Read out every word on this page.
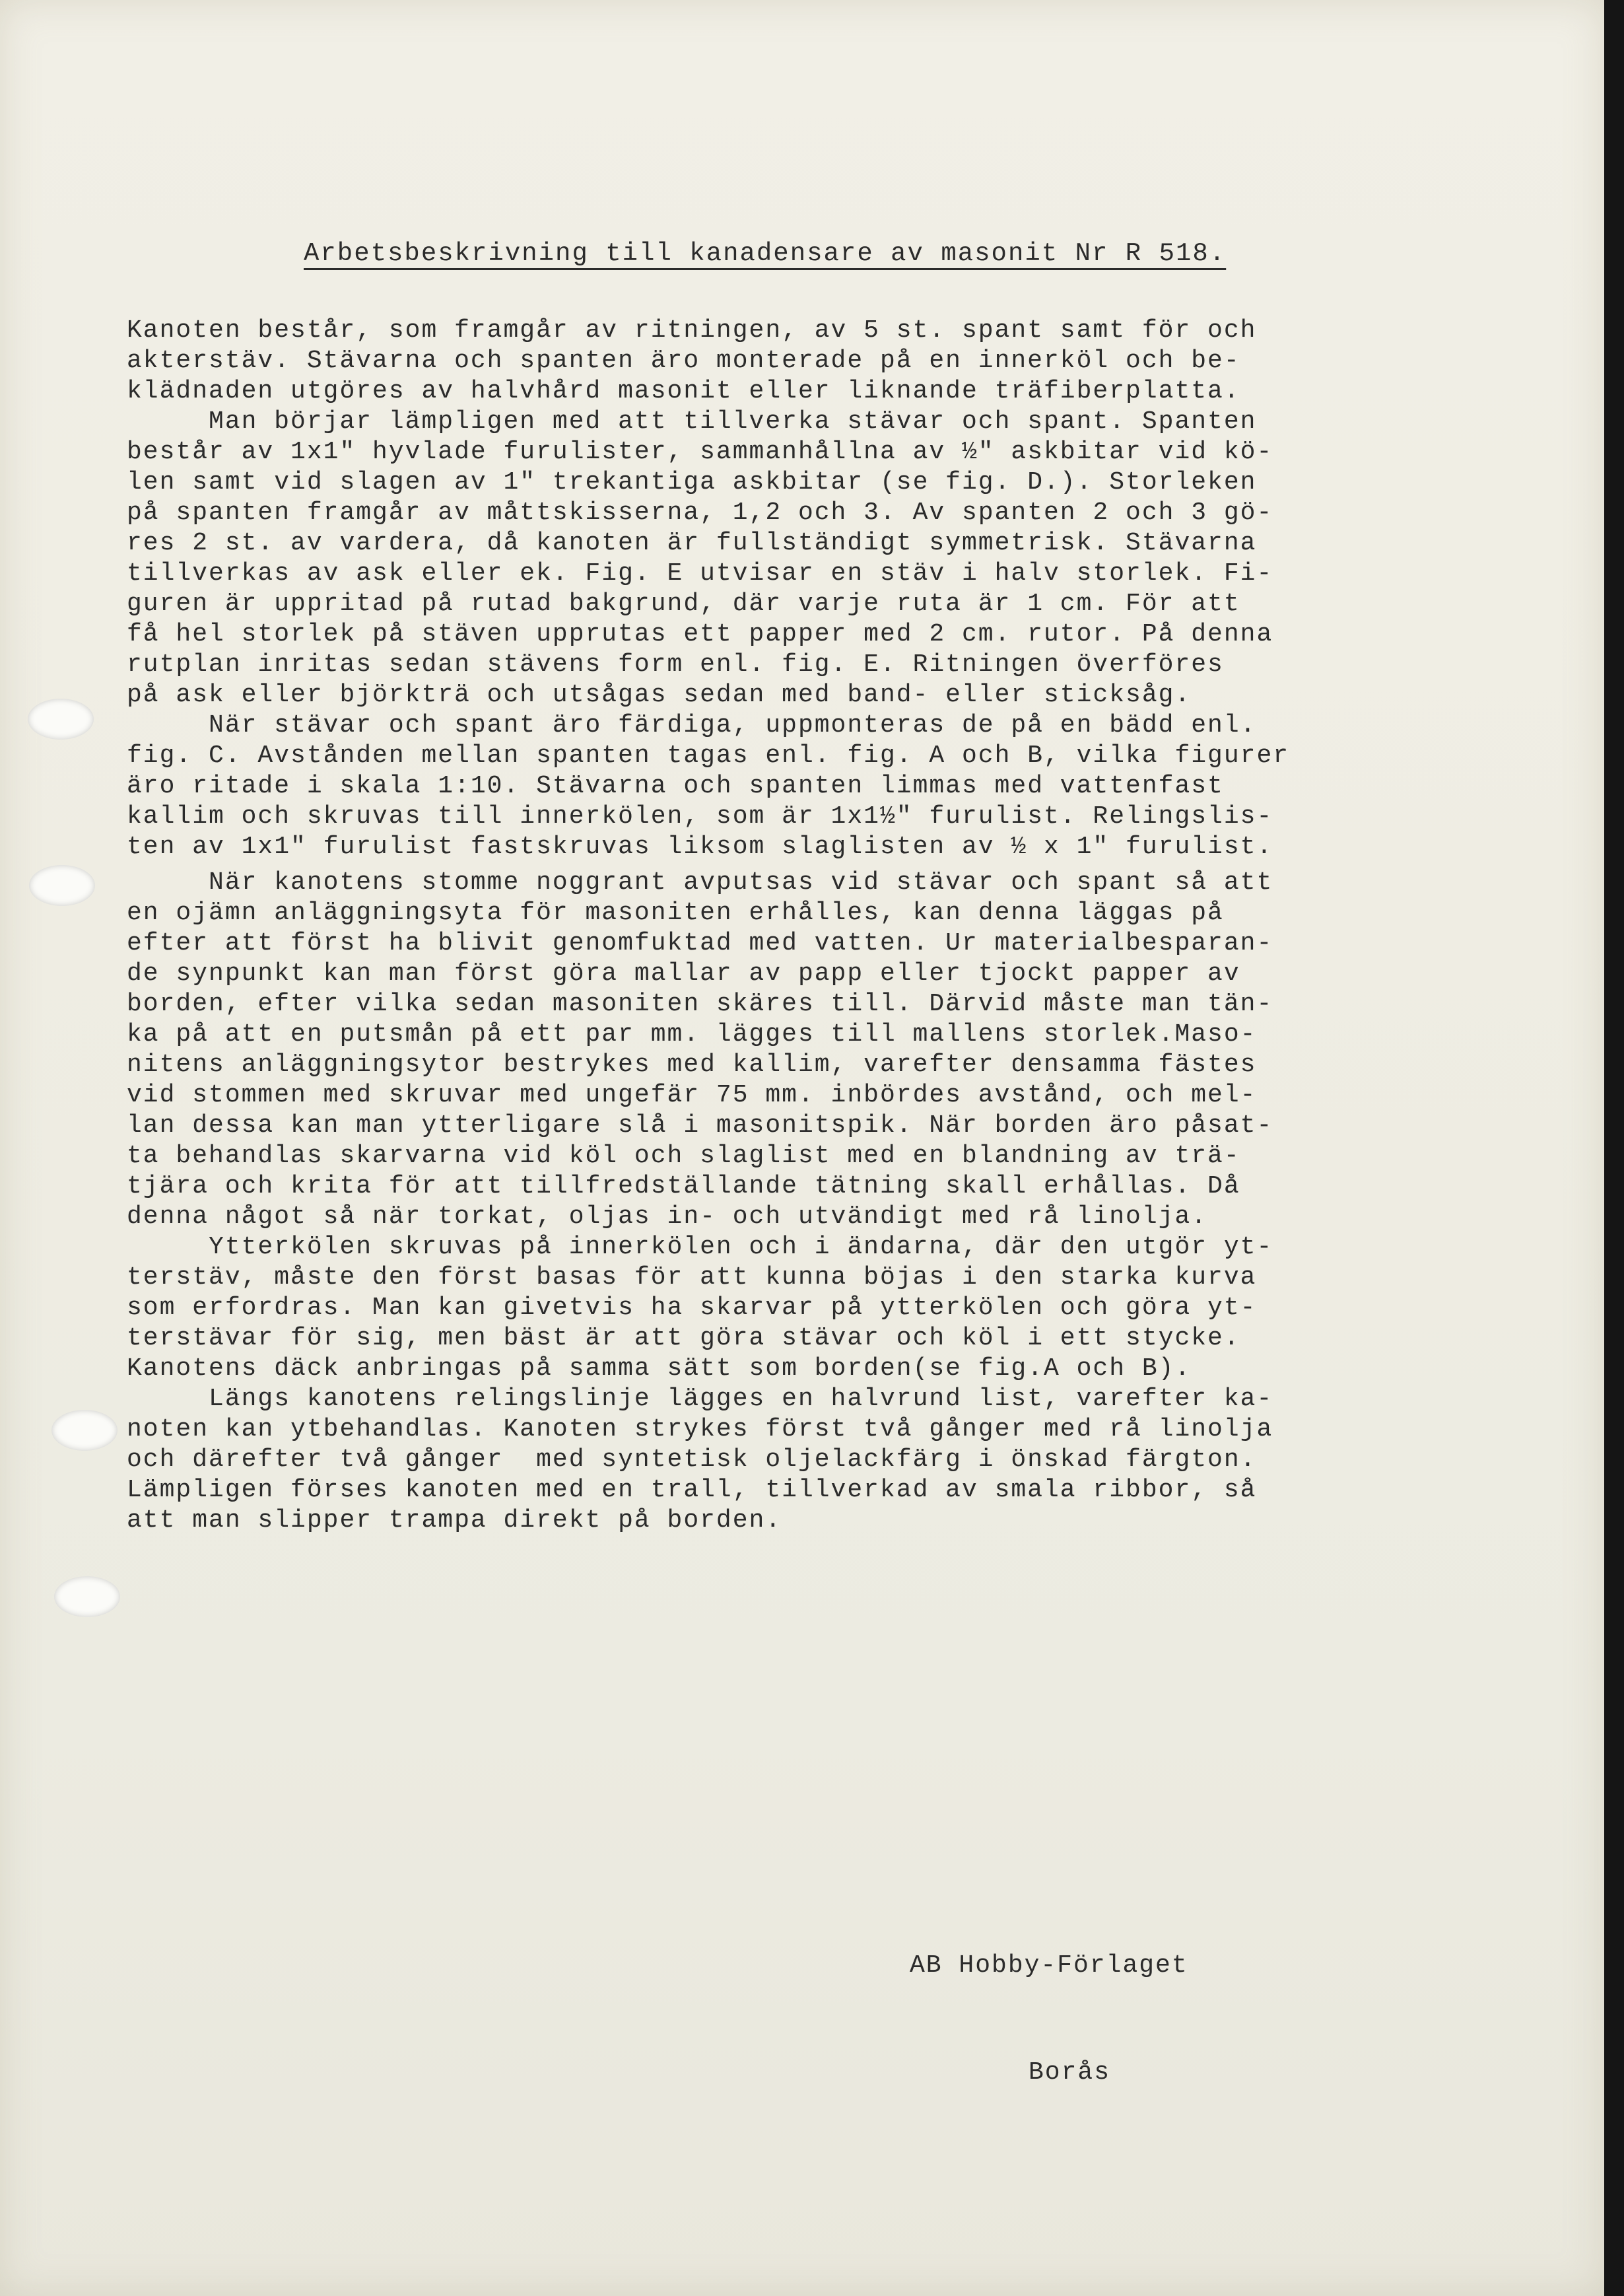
Arbetsbeskrivning till kanadensare av masonit Nr R 518.
Kanoten består, som framgår av ritningen, av 5 st. spant samt för och
akterstäv. Stävarna och spanten äro monterade på en innerköl och be-
klädnaden utgöres av halvhård masonit eller liknande träfiberplatta.
Man börjar lämpligen med att tillverka stävar och spant. Spanten
består av 1x1" hyvlade furulister, sammanhållna av ½" askbitar vid kö-
len samt vid slagen av 1" trekantiga askbitar (se fig. D.). Storleken
på spanten framgår av måttskisserna, 1,2 och 3. Av spanten 2 och 3 gö-
res 2 st. av vardera, då kanoten är fullständigt symmetrisk. Stävarna
tillverkas av ask eller ek. Fig. E utvisar en stäv i halv storlek. Fi-
guren är uppritad på rutad bakgrund, där varje ruta är 1 cm. För att
få hel storlek på stäven upprutas ett papper med 2 cm. rutor. På denna
rutplan inritas sedan stävens form enl. fig. E. Ritningen överföres
på ask eller björkträ och utsågas sedan med band- eller sticksåg.
När stävar och spant äro färdiga, uppmonteras de på en bädd enl.
fig. C. Avstånden mellan spanten tagas enl. fig. A och B, vilka figurer
äro ritade i skala 1:10. Stävarna och spanten limmas med vattenfast
kallim och skruvas till innerkölen, som är 1x1½" furulist. Relingslis-
ten av 1x1" furulist fastskruvas liksom slaglisten av ½ x 1" furulist.
När kanotens stomme noggrant avputsas vid stävar och spant så att
en ojämn anläggningsyta för masoniten erhålles, kan denna läggas på
efter att först ha blivit genomfuktad med vatten. Ur materialbesparan-
de synpunkt kan man först göra mallar av papp eller tjockt papper av
borden, efter vilka sedan masoniten skäres till. Därvid måste man tän-
ka på att en putsmån på ett par mm. lägges till mallens storlek.Maso-
nitens anläggningsytor bestrykes med kallim, varefter densamma fästes
vid stommen med skruvar med ungefär 75 mm. inbördes avstånd, och mel-
lan dessa kan man ytterligare slå i masonitspik. När borden äro påsat-
ta behandlas skarvarna vid köl och slaglist med en blandning av trä-
tjära och krita för att tillfredställande tätning skall erhållas. Då
denna något så när torkat, oljas in- och utvändigt med rå linolja.
Ytterkölen skruvas på innerkölen och i ändarna, där den utgör yt-
terstäv, måste den först basas för att kunna böjas i den starka kurva
som erfordras. Man kan givetvis ha skarvar på ytterkölen och göra yt-
terstävar för sig, men bäst är att göra stävar och köl i ett stycke.
Kanotens däck anbringas på samma sätt som borden(se fig.A och B).
Längs kanotens relingslinje lägges en halvrund list, varefter ka-
noten kan ytbehandlas. Kanoten strykes först två gånger med rå linolja
och därefter två gånger  med syntetisk oljelackfärg i önskad färgton.
Lämpligen förses kanoten med en trall, tillverkad av smala ribbor, så
att man slipper trampa direkt på borden.

AB Hobby-Förlaget

Borås
